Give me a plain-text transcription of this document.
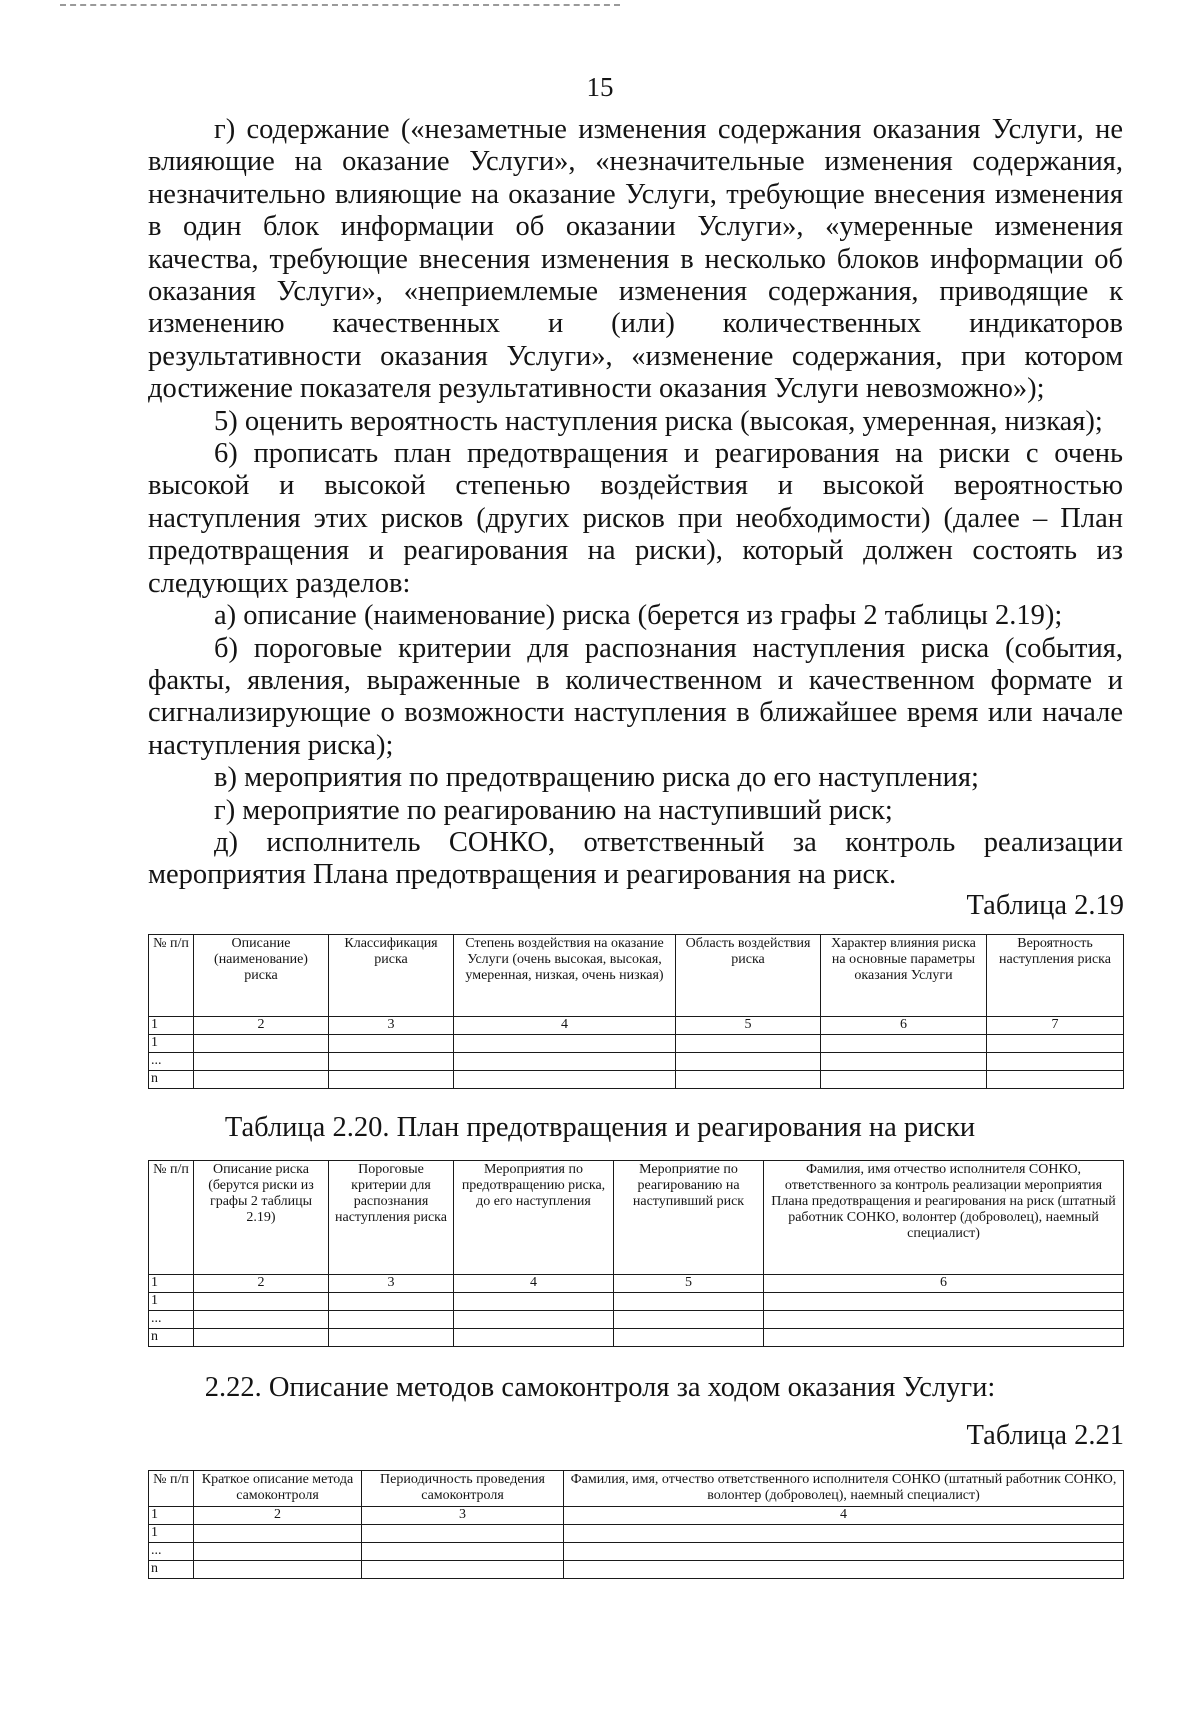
15

г) содержание («незаметные изменения содержания оказания Услуги, не влияющие на оказание Услуги», «незначительные изменения содержания, незначительно влияющие на оказание Услуги, требующие внесения изменения в один блок информации об оказании Услуги», «умеренные изменения качества, требующие внесения изменения в несколько блоков информации об оказания Услуги», «неприемлемые изменения содержания, приводящие к изменению качественных и (или) количественных индикаторов результативности оказания Услуги», «изменение содержания, при котором достижение показателя результативности оказания Услуги невозможно»);

5) оценить вероятность наступления риска (высокая, умеренная, низкая);

6) прописать план предотвращения и реагирования на риски с очень высокой и высокой степенью воздействия и высокой вероятностью наступления этих рисков (других рисков при необходимости) (далее – План предотвращения и реагирования на риски), который должен состоять из следующих разделов:

а) описание (наименование) риска (берется из графы 2 таблицы 2.19);

б) пороговые критерии для распознания наступления риска (события, факты, явления, выраженные в количественном и качественном формате и сигнализирующие о возможности наступления в ближайшее время или начале наступления риска);

в) мероприятия по предотвращению риска до его наступления;

г) мероприятие по реагированию на наступивший риск;

д) исполнитель СОНКО, ответственный за контроль реализации мероприятия Плана предотвращения и реагирования на риск.

Таблица 2.19
№ п/п	Описание (наименование) риска	Классификация риска	Степень воздействия на оказание Услуги (очень высокая, высокая, умеренная, низкая, очень низкая)	Область воздействия риска	Характер влияния риска на основные параметры оказания Услуги	Вероятность наступления риска
1	2	3	4	5	6	7
1						
...						
n						
Таблица 2.20. План предотвращения и реагирования на риски
№ п/п	Описание риска (берутся риски из графы 2 таблицы 2.19)	Пороговые критерии для распознания наступления риска	Мероприятия по предотвращению риска, до его наступления	Мероприятие по реагированию на наступивший риск	Фамилия, имя отчество исполнителя СОНКО, ответственного за контроль реализации мероприятия Плана предотвращения и реагирования на риск (штатный работник СОНКО, волонтер (доброволец), наемный специалист)
1	2	3	4	5	6
1					
...					
n					
2.22. Описание методов самоконтроля за ходом оказания Услуги:
Таблица 2.21
№ п/п	Краткое описание метода самоконтроля	Периодичность проведения самоконтроля	Фамилия, имя, отчество ответственного исполнителя СОНКО (штатный работник СОНКО, волонтер (доброволец), наемный специалист)
1	2	3	4
1			
...			
n			
